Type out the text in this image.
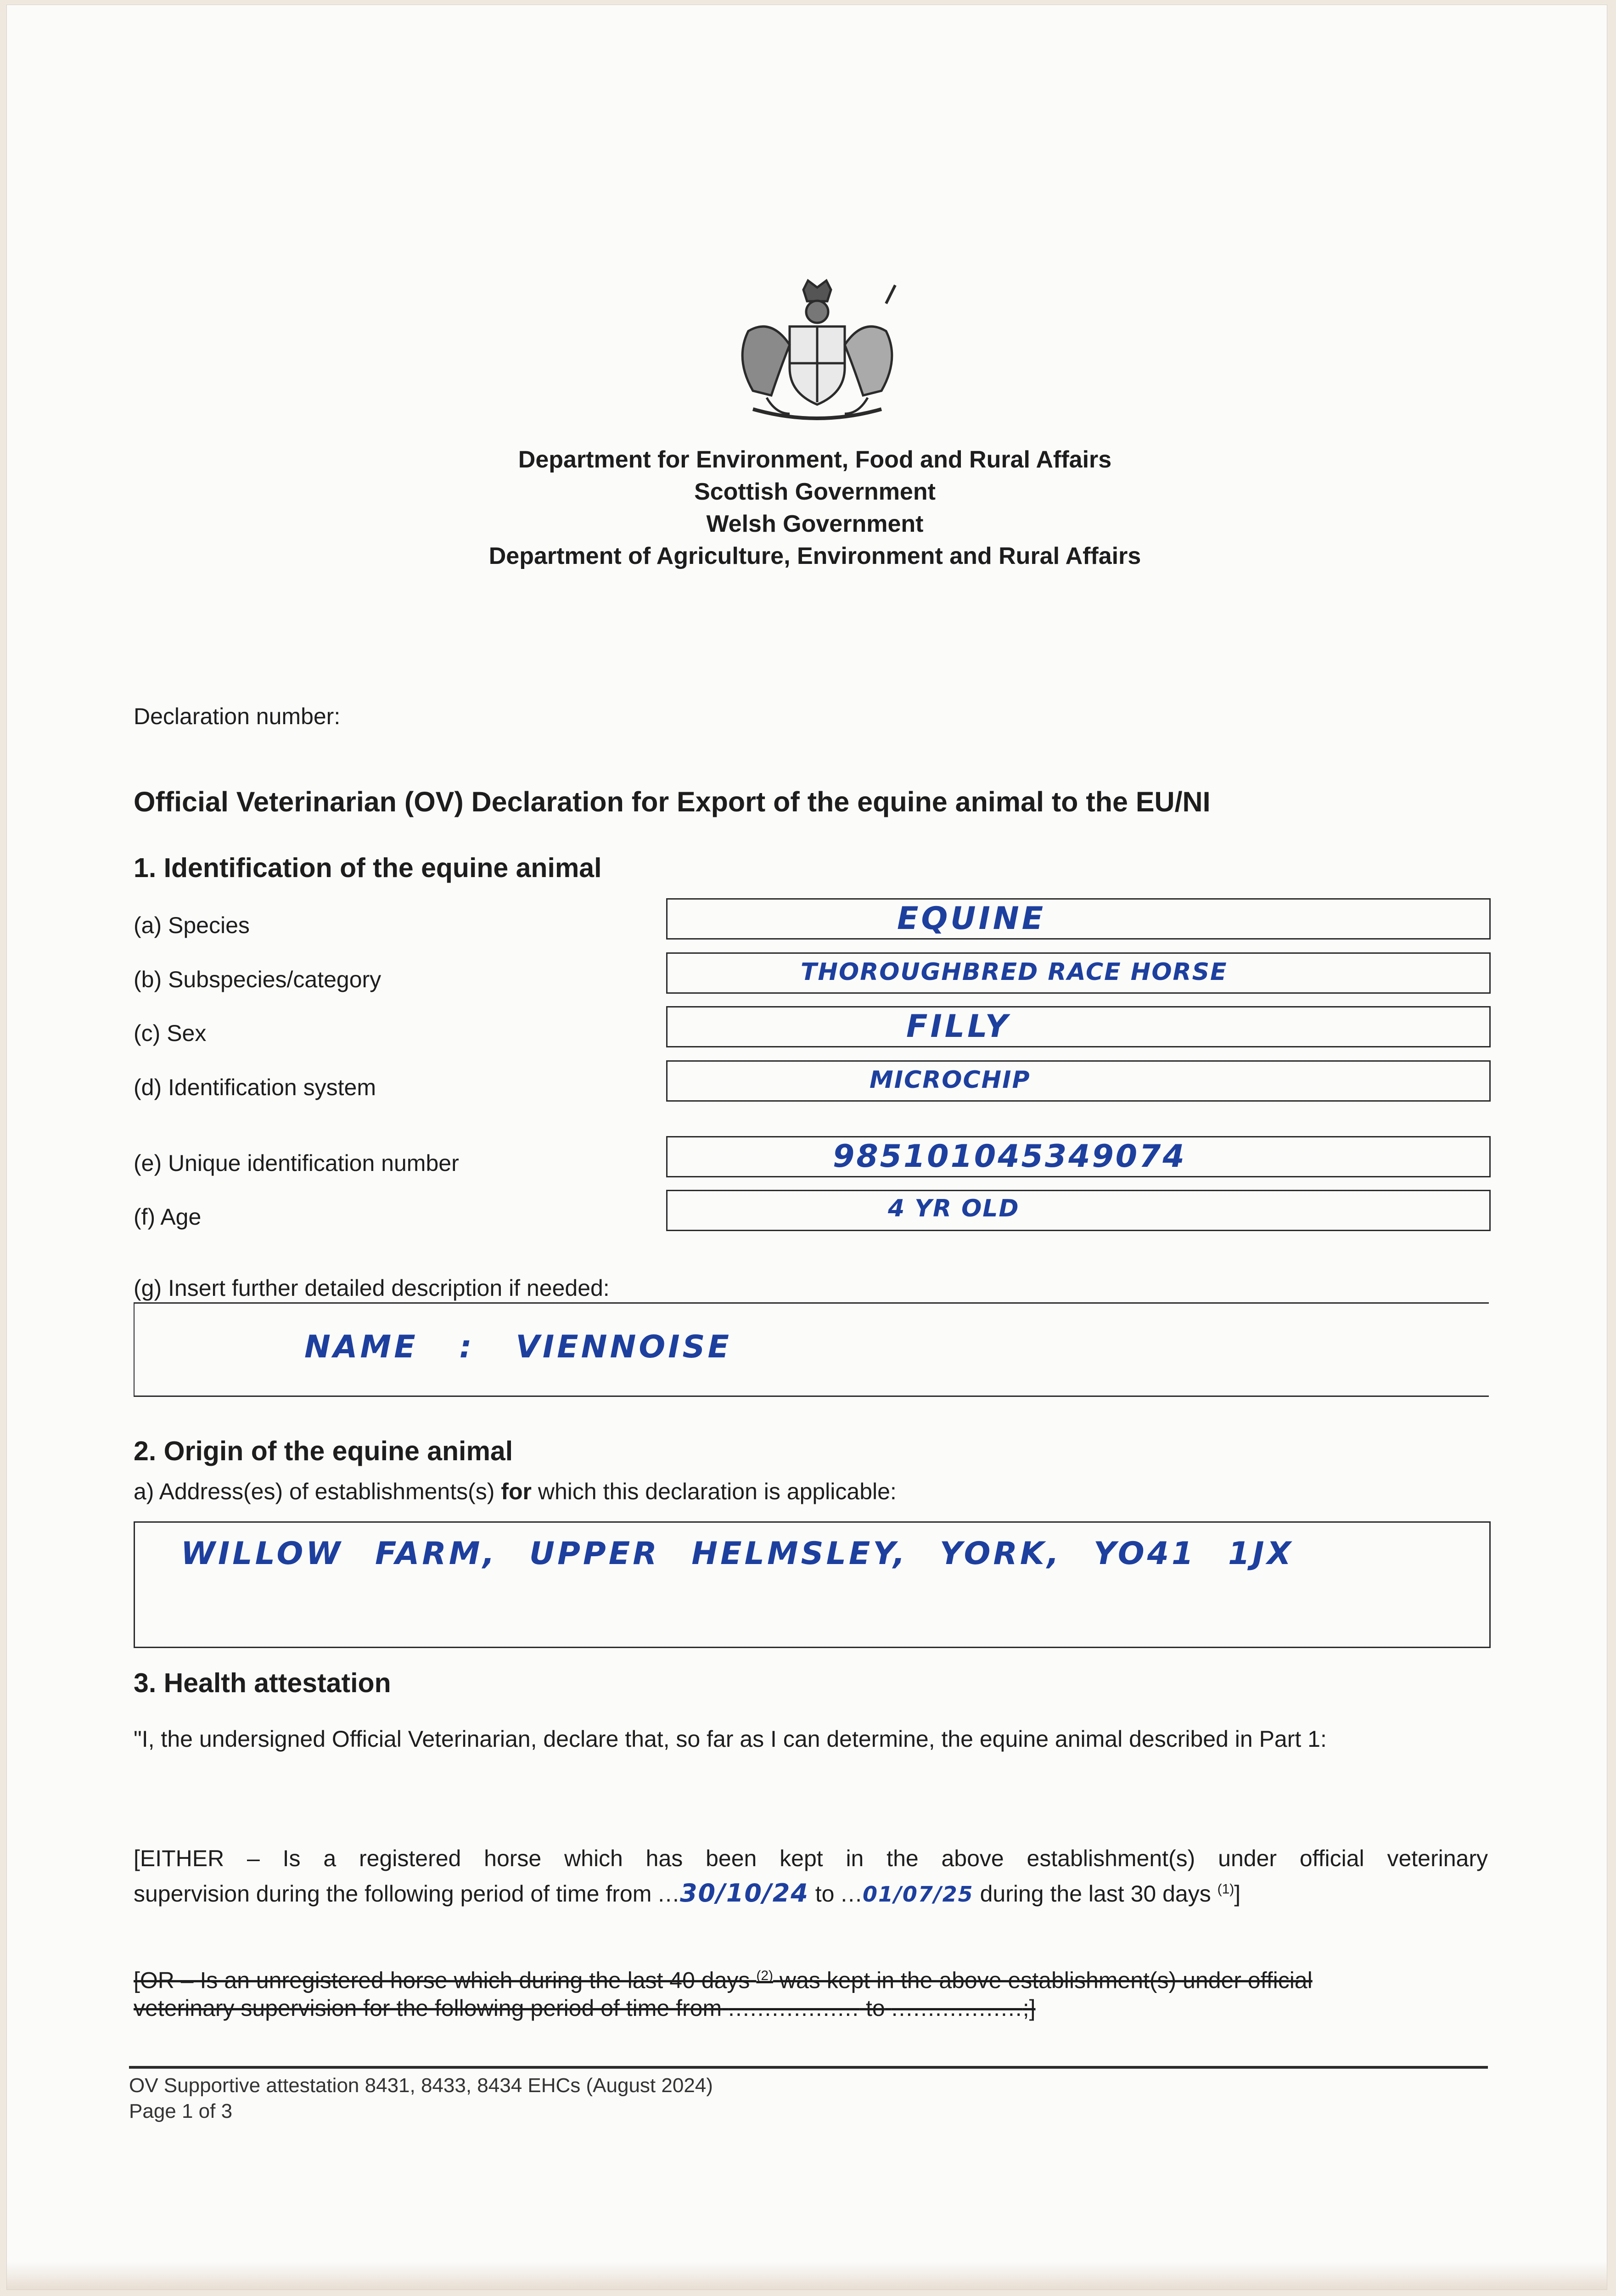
Department for Environment, Food and Rural Affairs
Scottish Government
Welsh Government
Department of Agriculture, Environment and Rural Affairs
Declaration number:
Official Veterinarian (OV) Declaration for Export of the equine animal to the EU/NI
1. Identification of the equine animal
(a) Species	EQUINE
(b) Subspecies/category	THOROUGHBRED RACE HORSE
(c) Sex	FILLY
(d) Identification system	MICROCHIP
(e) Unique identification number	985101045349074
(f) Age	4 YR OLD
(g) Insert further detailed description if needed:
NAME : VIENNOISE
2. Origin of the equine animal
a) Address(es) of establishments(s) for which this declaration is applicable:
WILLOW FARM, UPPER HELMSLEY, YORK, YO41 1JX
3. Health attestation
"I, the undersigned Official Veterinarian, declare that, so far as I can determine, the equine animal described in Part 1:
[EITHER – Is a registered horse which has been kept in the above establishment(s) under official veterinary
supervision during the following period of time from ...30/10/24 to ...01/07/25 during the last 30 days $^{(1)}$]
[OR – Is an unregistered horse which during the last 40 days $^{(2)}$ was kept in the above establishment(s) under official
veterinary supervision for the following period of time from .................. to ..................;]
OV Supportive attestation 8431, 8433, 8434 EHCs (August 2024)
Page 1 of 3
